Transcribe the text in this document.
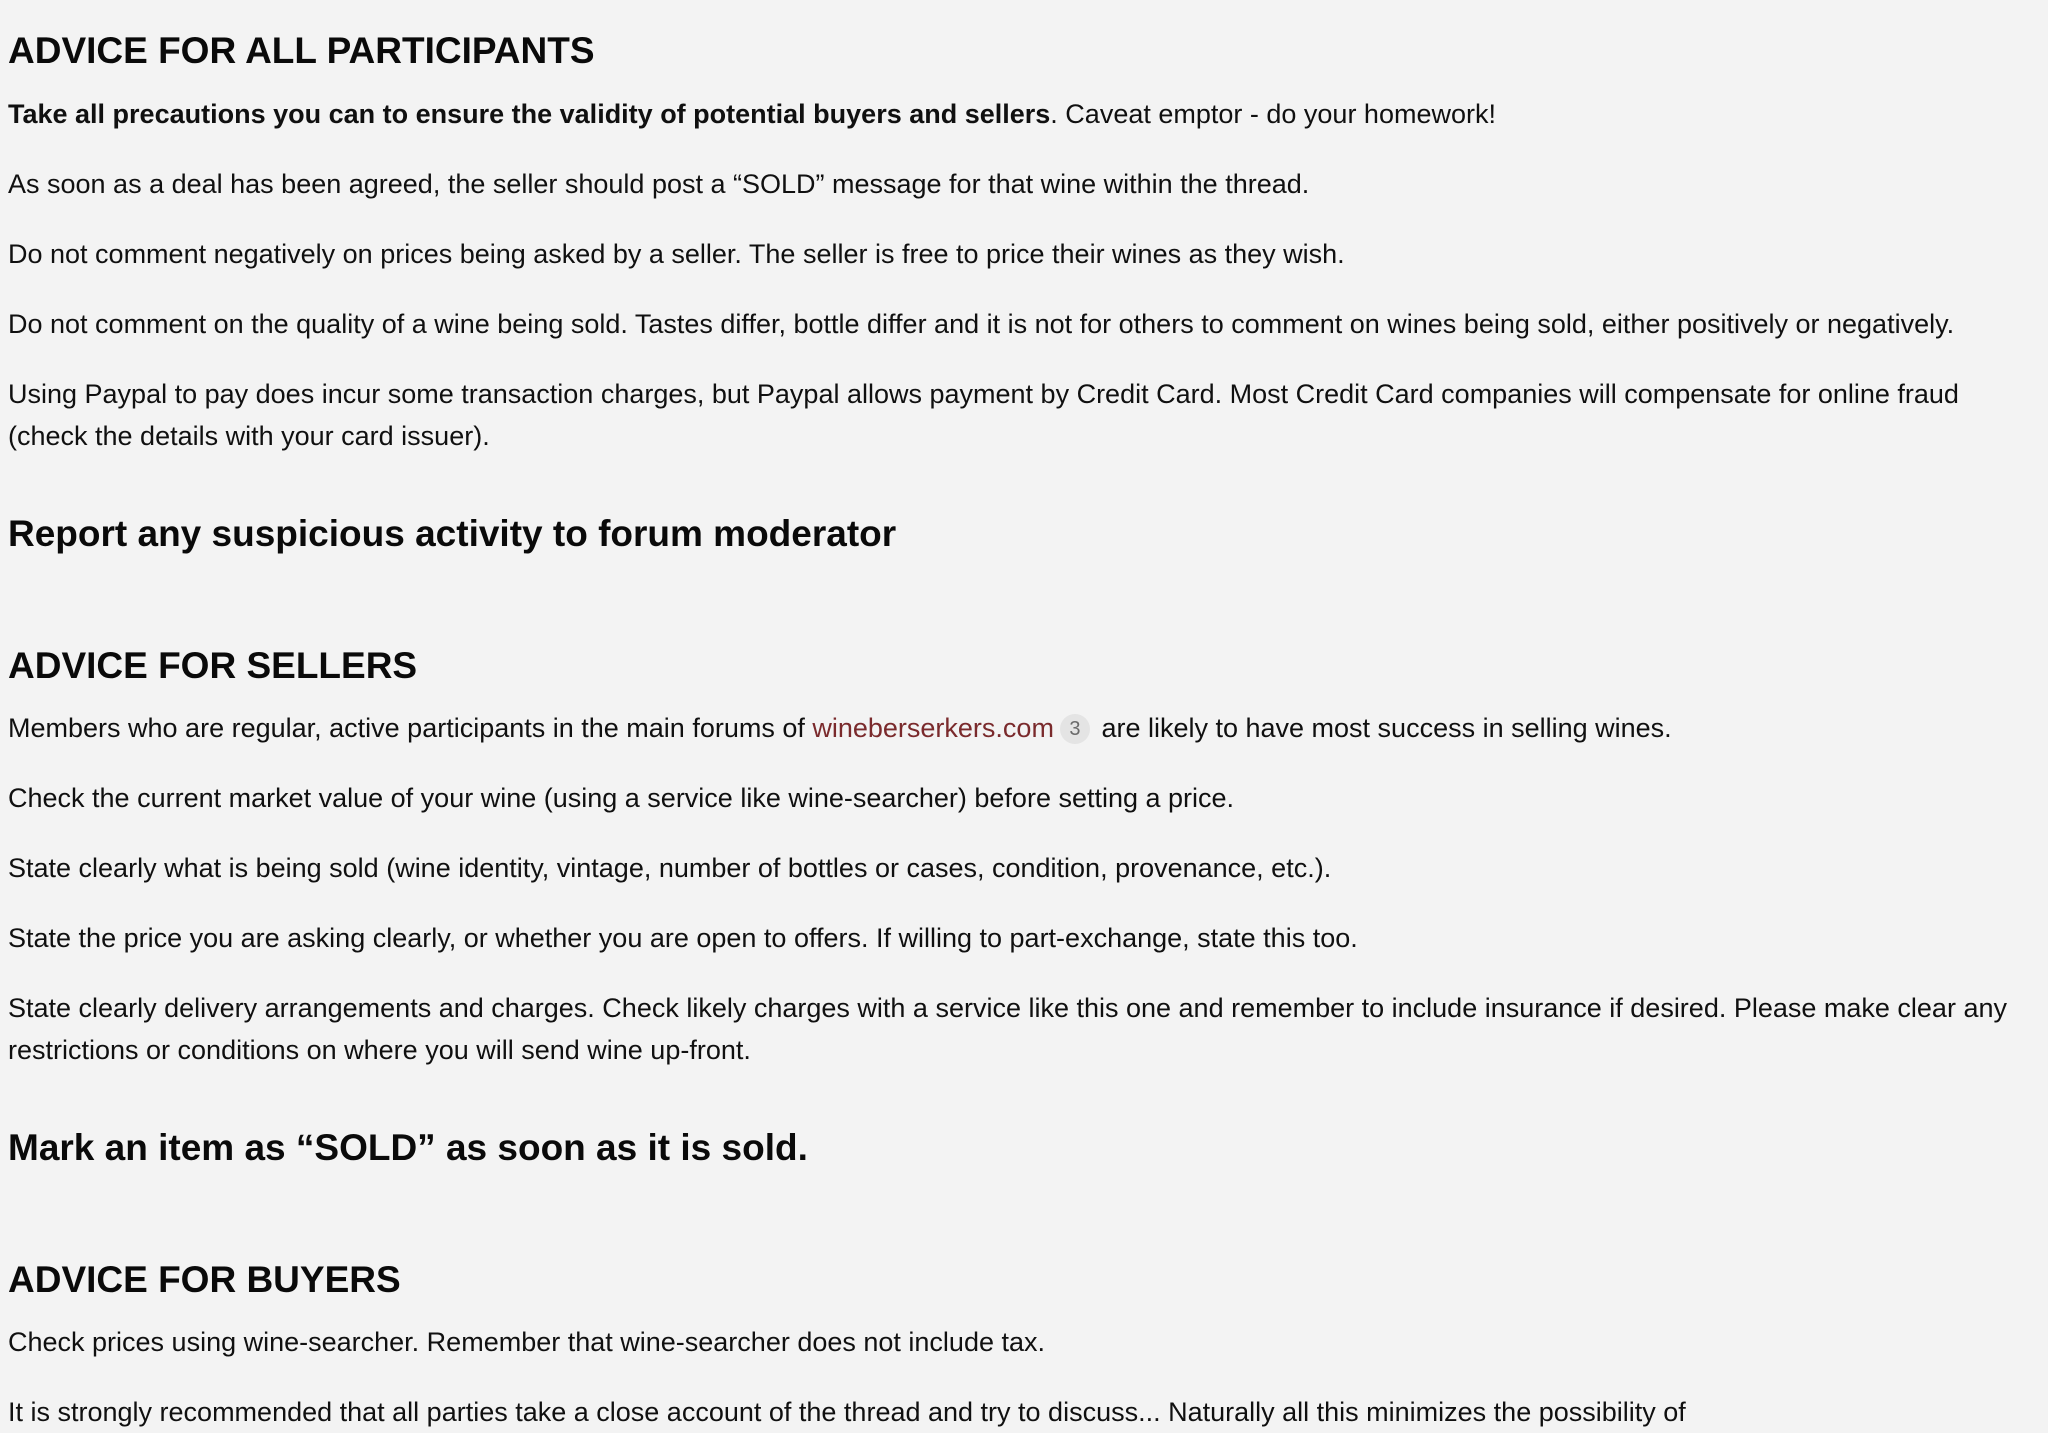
ADVICE FOR ALL PARTICIPANTS

Take all precautions you can to ensure the validity of potential buyers and sellers. Caveat emptor - do your homework!

As soon as a deal has been agreed, the seller should post a “SOLD” message for that wine within the thread.

Do not comment negatively on prices being asked by a seller. The seller is free to price their wines as they wish.

Do not comment on the quality of a wine being sold. Tastes differ, bottle differ and it is not for others to comment on wines being sold, either positively or negatively.

Using Paypal to pay does incur some transaction charges, but Paypal allows payment by Credit Card. Most Credit Card companies will compensate for online fraud
(check the details with your card issuer).

Report any suspicious activity to forum moderator
ADVICE FOR SELLERS

Members who are regular, active participants in the main forums of wineberserkers.com 3 are likely to have most success in selling wines.

Check the current market value of your wine (using a service like wine-searcher) before setting a price.

State clearly what is being sold (wine identity, vintage, number of bottles or cases, condition, provenance, etc.).

State the price you are asking clearly, or whether you are open to offers. If willing to part-exchange, state this too.

State clearly delivery arrangements and charges. Check likely charges with a service like this one and remember to include insurance if desired. Please make clear any
restrictions or conditions on where you will send wine up-front.

Mark an item as “SOLD” as soon as it is sold.
ADVICE FOR BUYERS

Check prices using wine-searcher. Remember that wine-searcher does not include tax.

It is strongly recommended that all parties take a close account of the thread and try to discuss... Naturally all this minimizes the possibility of
